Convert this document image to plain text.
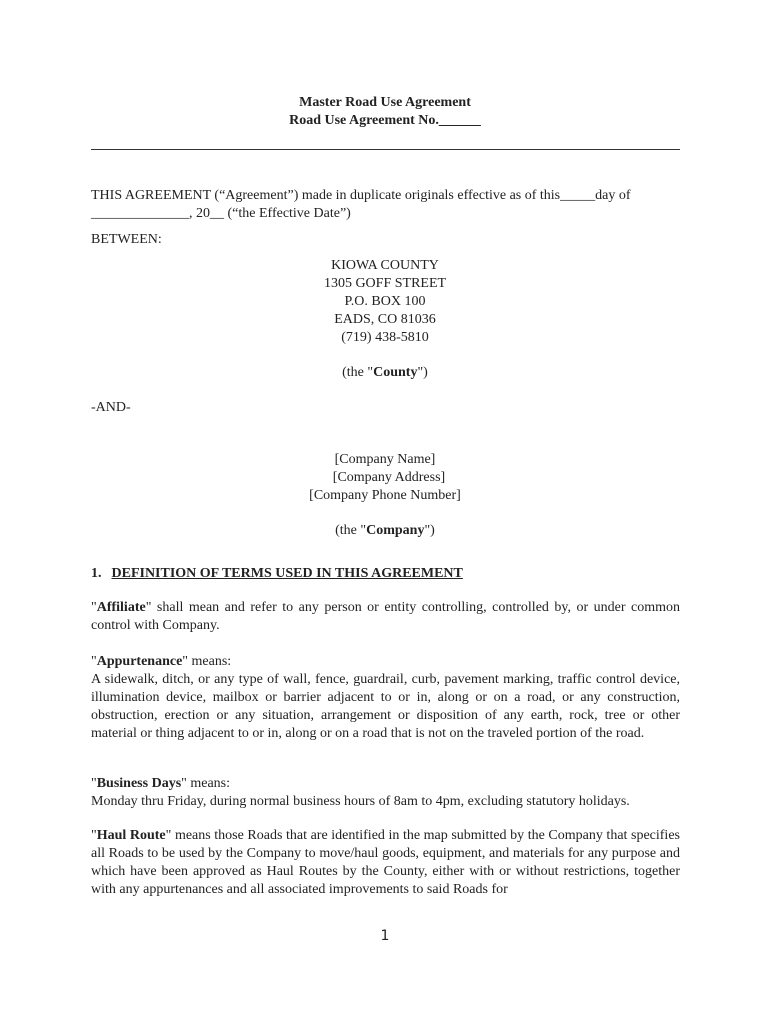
Master Road Use Agreement
Road Use Agreement No.______
THIS AGREEMENT (“Agreement”) made in duplicate originals effective as of this_____day of
______________, 20__ (“the Effective Date”)
BETWEEN:
KIOWA COUNTY
1305 GOFF STREET
P.O. BOX 100
EADS, CO 81036
(719) 438-5810
(the "County")
-AND-
[Company Name]
[Company Address]
[Company Phone Number]
(the "Company")
1. DEFINITION OF TERMS USED IN THIS AGREEMENT
"Affiliate" shall mean and refer to any person or entity controlling, controlled by, or under common control with Company.
"Appurtenance" means:
A sidewalk, ditch, or any type of wall, fence, guardrail, curb, pavement marking, traffic control device, illumination device, mailbox or barrier adjacent to or in, along or on a road, or any construction, obstruction, erection or any situation, arrangement or disposition of any earth, rock, tree or other material or thing adjacent to or in, along or on a road that is not on the traveled portion of the road.
"Business Days" means:
Monday thru Friday, during normal business hours of 8am to 4pm, excluding statutory holidays.
"Haul Route" means those Roads that are identified in the map submitted by the Company that specifies all Roads to be used by the Company to move/haul goods, equipment, and materials for any purpose and which have been approved as Haul Routes by the County, either with or without restrictions, together with any appurtenances and all associated improvements to said Roads for
1
